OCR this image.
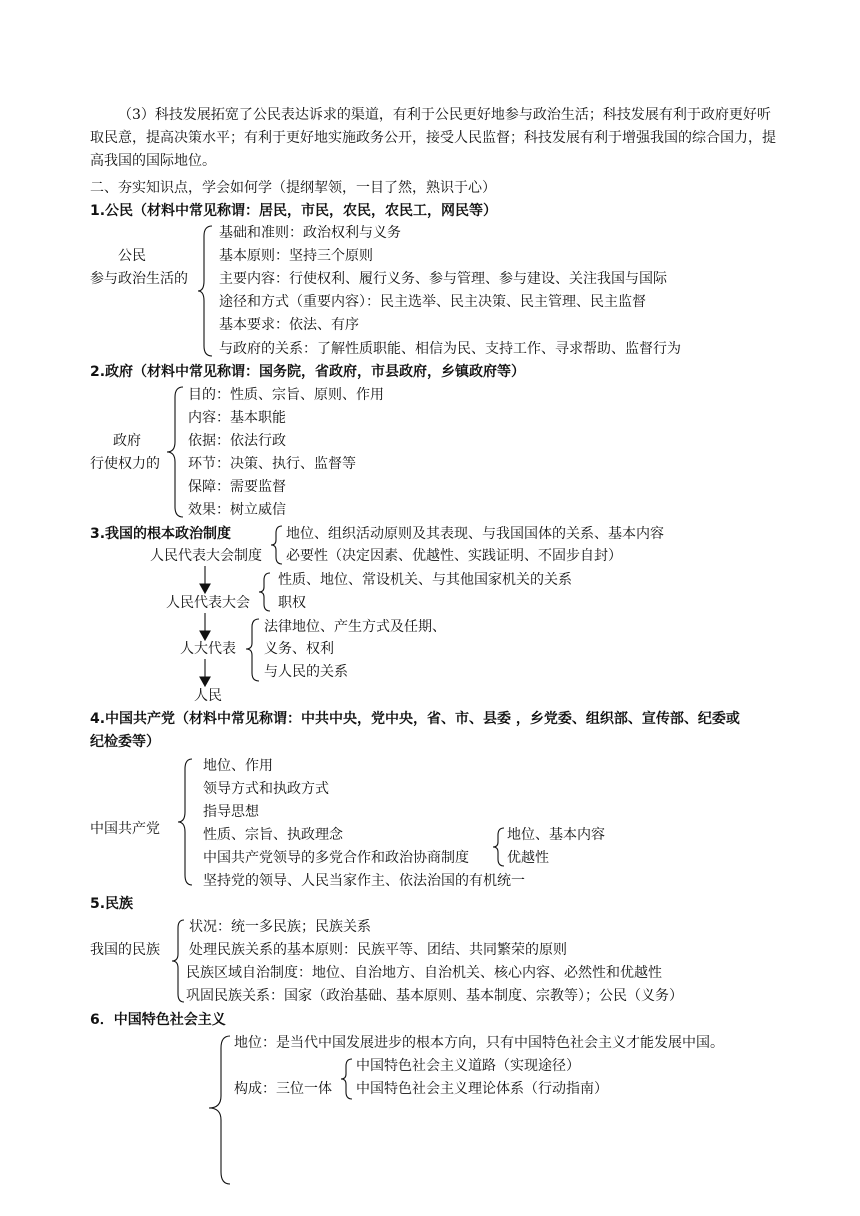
（3）科技发展拓宽了公民表达诉求的渠道，有利于公民更好地参与政治生活；科技发展有利于政府更好听取民意，提高决策水平；有利于更好地实施政务公开，接受人民监督；科技发展有利于增强我国的综合国力，提高我国的国际地位。
二、夯实知识点，学会如何学（提纲挈领，一目了然，熟识于心）
1.公民（材料中常见称谓：居民，市民，农民，农民工，网民等）
公民
参与政治生活的
基础和准则：政治权利与义务
基本原则：坚持三个原则
主要内容：行使权利、履行义务、参与管理、参与建设、关注我国与国际
途径和方式（重要内容）：民主选举、民主决策、民主管理、民主监督
基本要求：依法、有序
与政府的关系：了解性质职能、相信为民、支持工作、寻求帮助、监督行为
2.政府（材料中常见称谓：国务院，省政府，市县政府，乡镇政府等）
政府
行使权力的
目的：性质、宗旨、原则、作用
内容：基本职能
依据：依法行政
环节：决策、执行、监督等
保障：需要监督
效果：树立威信
3.我国的根本政治制度
人民代表大会制度
地位、组织活动原则及其表现、与我国国体的关系、基本内容
必要性（决定因素、优越性、实践证明、不固步自封）
人民代表大会
性质、地位、常设机关、与其他国家机关的关系
职权
人大代表
法律地位、产生方式及任期、
义务、权利
与人民的关系
人民
4.中国共产党（材料中常见称谓：中共中央，党中央，省、市、县委 ，乡党委、组织部、宣传部、纪委或
纪检委等）
中国共产党
地位、作用
领导方式和执政方式
指导思想
性质、宗旨、执政理念
中国共产党领导的多党合作和政治协商制度
坚持党的领导、人民当家作主、依法治国的有机统一
地位、基本内容
优越性
5.民族
我国的民族
状况：统一多民族；民族关系
处理民族关系的基本原则：民族平等、团结、共同繁荣的原则
民族区域自治制度：地位、自治地方、自治机关、核心内容、必然性和优越性
巩固民族关系：国家（政治基础、基本原则、基本制度、宗教等）；公民（义务）
6．中国特色社会主义
地位：是当代中国发展进步的根本方向，只有中国特色社会主义才能发展中国。
构成：三位一体
中国特色社会主义道路（实现途径）
中国特色社会主义理论体系（行动指南）
